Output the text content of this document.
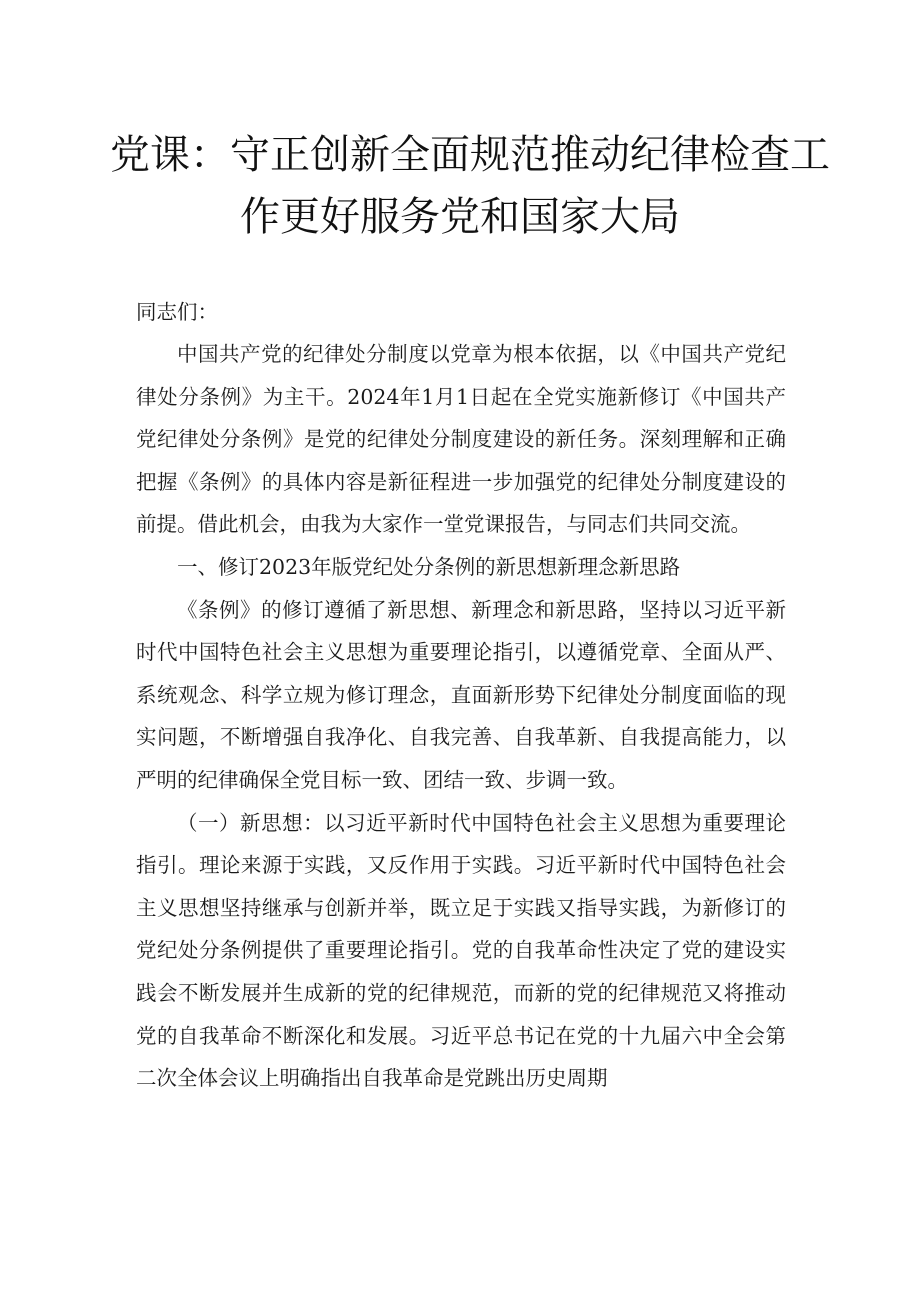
党课：守正创新全面规范推动纪律检查工
作更好服务党和国家大局
同志们：

中国共产党的纪律处分制度以党章为根本依据，以《中国共产党纪律处分条例》为主干。2024年1月1日起在全党实施新修订《中国共产党纪律处分条例》是党的纪律处分制度建设的新任务。深刻理解和正确把握《条例》的具体内容是新征程进一步加强党的纪律处分制度建设的前提。借此机会，由我为大家作一堂党课报告，与同志们共同交流。

一、修订2023年版党纪处分条例的新思想新理念新思路

《条例》的修订遵循了新思想、新理念和新思路，坚持以习近平新时代中国特色社会主义思想为重要理论指引，以遵循党章、全面从严、系统观念、科学立规为修订理念，直面新形势下纪律处分制度面临的现实问题，不断增强自我净化、自我完善、自我革新、自我提高能力，以严明的纪律确保全党目标一致、团结一致、步调一致。

（一）新思想：以习近平新时代中国特色社会主义思想为重要理论指引。理论来源于实践，又反作用于实践。习近平新时代中国特色社会主义思想坚持继承与创新并举，既立足于实践又指导实践，为新修订的党纪处分条例提供了重要理论指引。党的自我革命性决定了党的建设实践会不断发展并生成新的党的纪律规范，而新的党的纪律规范又将推动党的自我革命不断深化和发展。习近平总书记在党的十九届六中全会第二次全体会议上明确指出自我革命是党跳出历史周期
